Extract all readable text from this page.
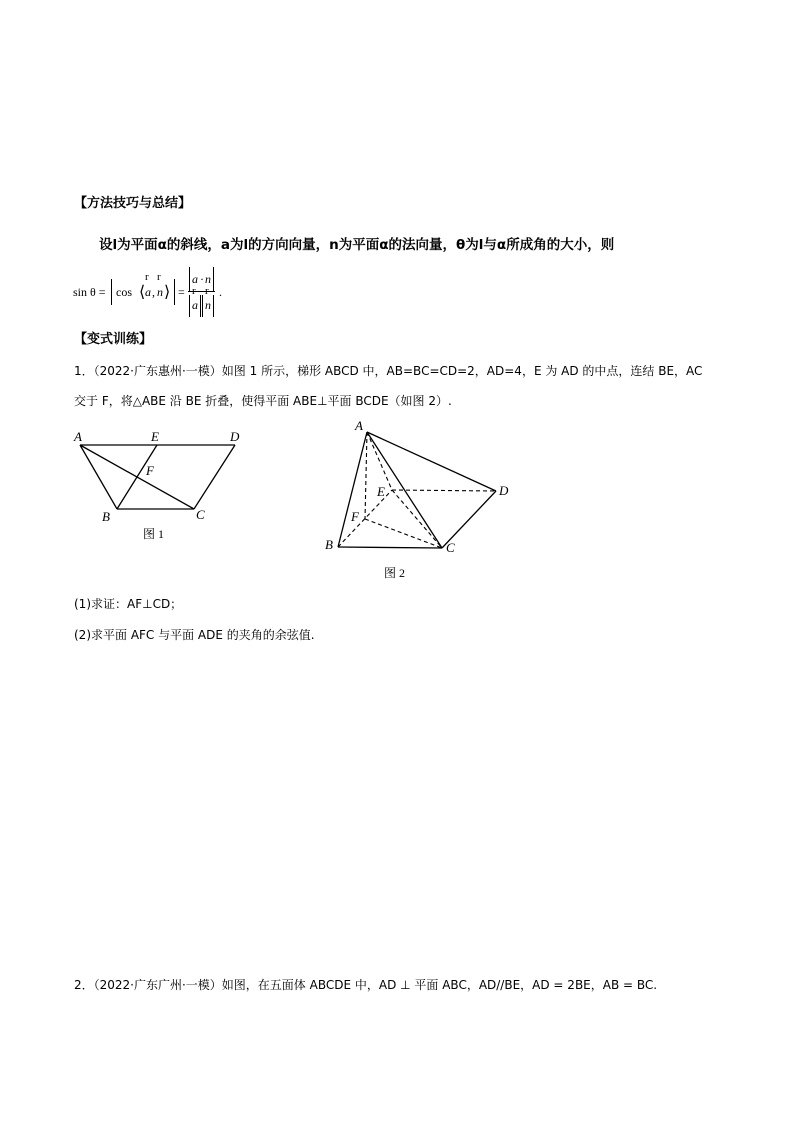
【方法技巧与总结】
设l为平面α的斜线，a为l的方向向量，n为平面α的法向量，θ为l与α所成角的大小，则
sin θ = cos ⟨
r
a ,
r
n ⟩ =
a · n
r r
a n
.
【变式训练】
1．（2022·广东惠州·一模）如图 1 所示，梯形 ABCD 中，AB=BC=CD=2，AD=4，E 为 AD 的中点，连结 BE，AC
交于 F，将△ABE 沿 BE 折叠，使得平面 ABE⊥平面 BCDE（如图 2）.
A	E	D
F
B	C
图 1
A
E	D
F
B	C
图 2
(1)求证：AF⊥CD；
(2)求平面 AFC 与平面 ADE 的夹角的余弦值.
2．（2022·广东广州·一模）如图，在五面体 ABCDE 中，AD ⊥ 平面 ABC，AD//BE，AD = 2BE，AB = BC.
